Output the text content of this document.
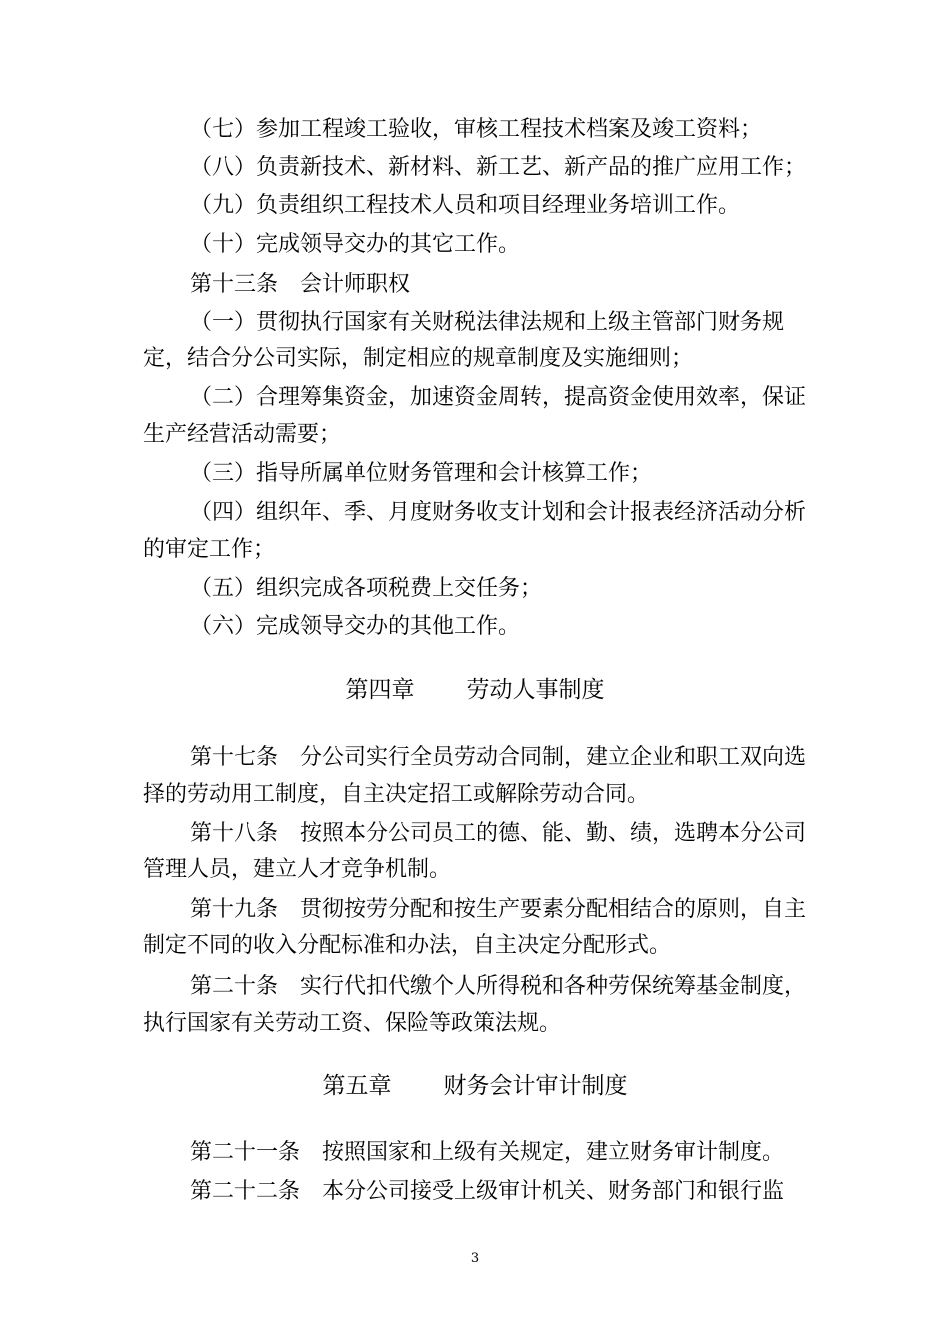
（七）参加工程竣工验收，审核工程技术档案及竣工资料；
（八）负责新技术、新材料、新工艺、新产品的推广应用工作；
（九）负责组织工程技术人员和项目经理业务培训工作。
（十）完成领导交办的其它工作。
第十三条　会计师职权
（一）贯彻执行国家有关财税法律法规和上级主管部门财务规
定，结合分公司实际，制定相应的规章制度及实施细则；
（二）合理筹集资金，加速资金周转，提高资金使用效率，保证
生产经营活动需要；
（三）指导所属单位财务管理和会计核算工作；
（四）组织年、季、月度财务收支计划和会计报表经济活动分析
的审定工作；
（五）组织完成各项税费上交任务；
（六）完成领导交办的其他工作。
第四章 劳动人事制度
第十七条　分公司实行全员劳动合同制，建立企业和职工双向选
择的劳动用工制度，自主决定招工或解除劳动合同。
第十八条　按照本分公司员工的德、能、勤、绩，选聘本分公司
管理人员，建立人才竞争机制。
第十九条　贯彻按劳分配和按生产要素分配相结合的原则，自主
制定不同的收入分配标准和办法，自主决定分配形式。
第二十条　实行代扣代缴个人所得税和各种劳保统筹基金制度，
执行国家有关劳动工资、保险等政策法规。
第五章 财务会计审计制度
第二十一条　按照国家和上级有关规定，建立财务审计制度。
第二十二条　本分公司接受上级审计机关、财务部门和银行监
3
